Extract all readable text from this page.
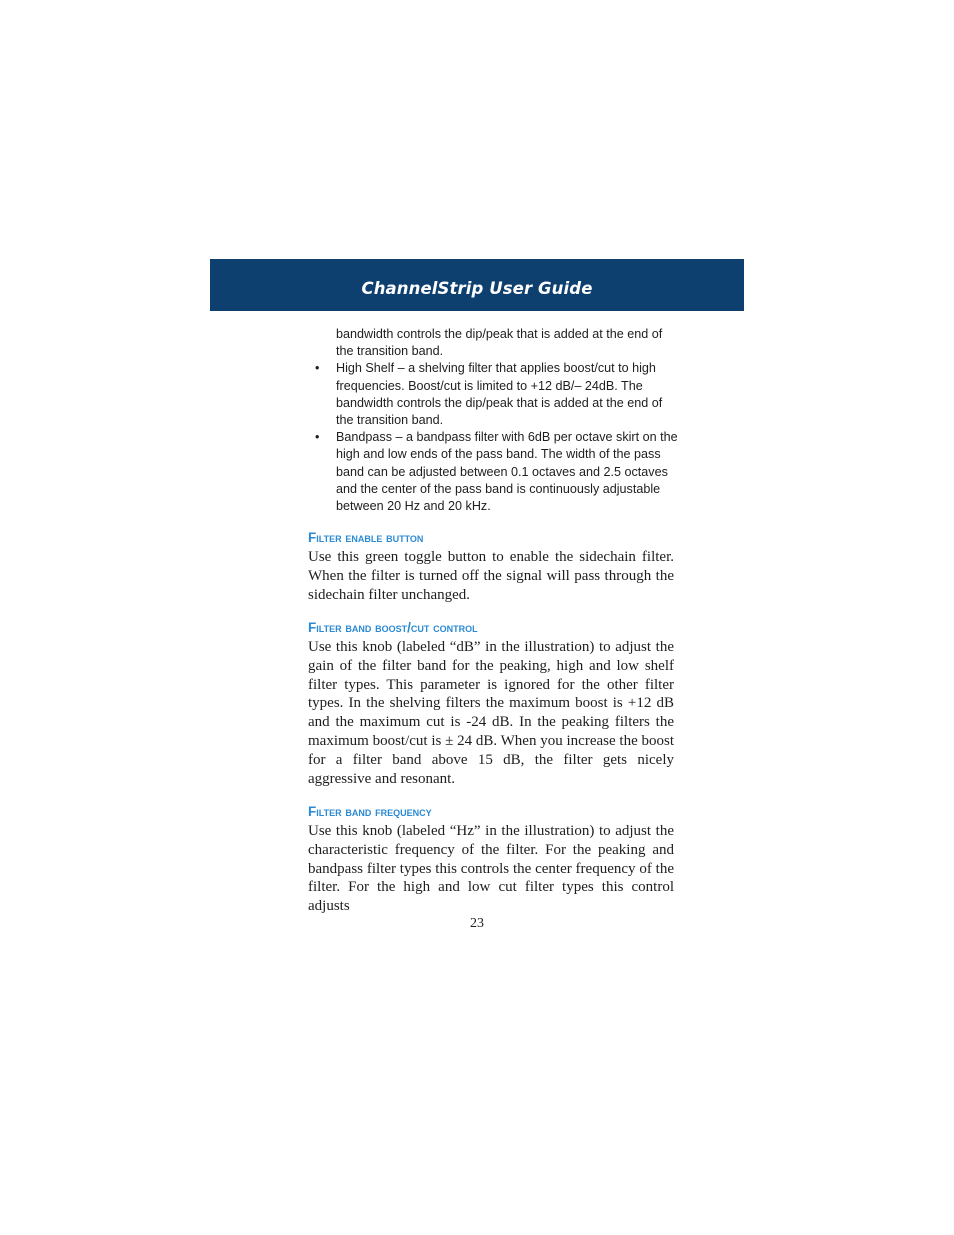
ChannelStrip User Guide

bandwidth controls the dip/peak that is added at the end of the transition band.

• High Shelf – a shelving filter that applies boost/cut to high frequencies. Boost/cut is limited to +12 dB/– 24dB. The bandwidth controls the dip/peak that is added at the end of the transition band.
• Bandpass – a bandpass filter with 6dB per octave skirt on the high and low ends of the pass band. The width of the pass band can be adjusted between 0.1 octaves and 2.5 octaves and the center of the pass band is continuously adjustable between 20 Hz and 20 kHz.

Filter enable button

Use this green toggle button to enable the sidechain filter. When the filter is turned off the signal will pass through the sidechain filter unchanged.

Filter band boost/cut control

Use this knob (labeled “dB” in the illustration) to adjust the gain of the filter band for the peaking, high and low shelf filter types. This parameter is ignored for the other filter types. In the shelving filters the maximum boost is +12 dB and the maximum cut is -24 dB. In the peaking filters the maximum boost/cut is ± 24 dB. When you increase the boost for a filter band above 15 dB, the filter gets nicely aggressive and resonant.

Filter band frequency

Use this knob (labeled “Hz” in the illustration) to adjust the characteristic frequency of the filter. For the peaking and bandpass filter types this controls the center frequency of the filter. For the high and low cut filter types this control adjusts

23
